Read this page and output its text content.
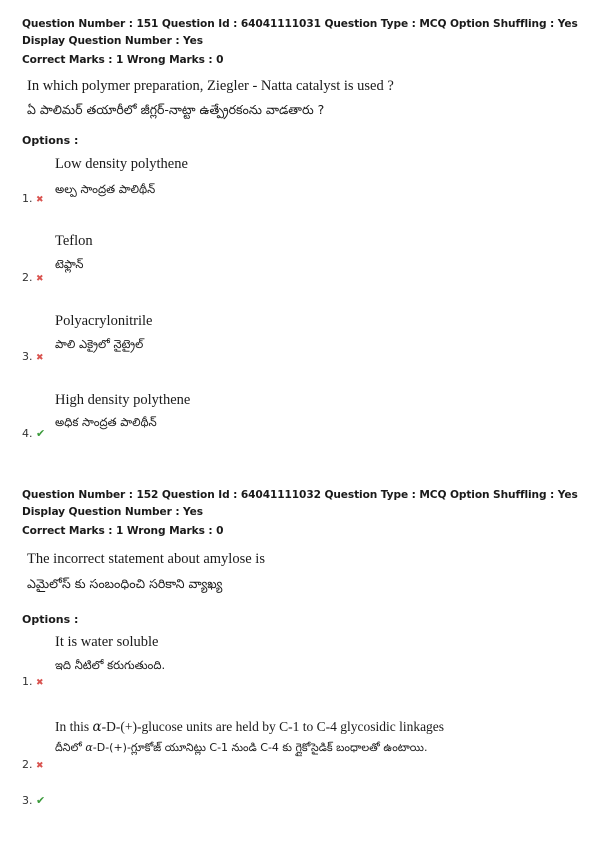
Question Number : 151 Question Id : 64041111031 Question Type : MCQ Option Shuffling : Yes
Display Question Number : Yes
Correct Marks : 1 Wrong Marks : 0
In which polymer preparation, Ziegler - Natta catalyst is used ?
ఏ పాలిమర్ తయారీలో జీగ్లర్-నాట్టా ఉత్ప్రేరకంను వాడతారు ?
Options :
Low density polythene
అల్ప సాంద్రత పాలిథీన్
1. ✖
Teflon
టెఫ్లాన్
2. ✖
Polyacrylonitrile
పాలి ఎక్రైలో నైట్రైల్
3. ✖
High density polythene
అధిక సాంద్రత పాలిథీన్
4. ✔
Question Number : 152 Question Id : 64041111032 Question Type : MCQ Option Shuffling : Yes
Display Question Number : Yes
Correct Marks : 1 Wrong Marks : 0
The incorrect statement about amylose is
ఎమైలోస్ కు సంబంధించి సరికాని వ్యాఖ్య
Options :
It is water soluble
ఇది నీటిలో కరుగుతుంది.
1. ✖
In this α-D-(+)-glucose units are held by C-1 to C-4 glycosidic linkages
దీనిలో α-D-(+)-గ్లూకోజ్ యూనిట్లు C-1 నుండి C-4 కు గ్లైకోసైడిక్ బంధాలతో ఉంటాయి.
2. ✖
3. ✔
